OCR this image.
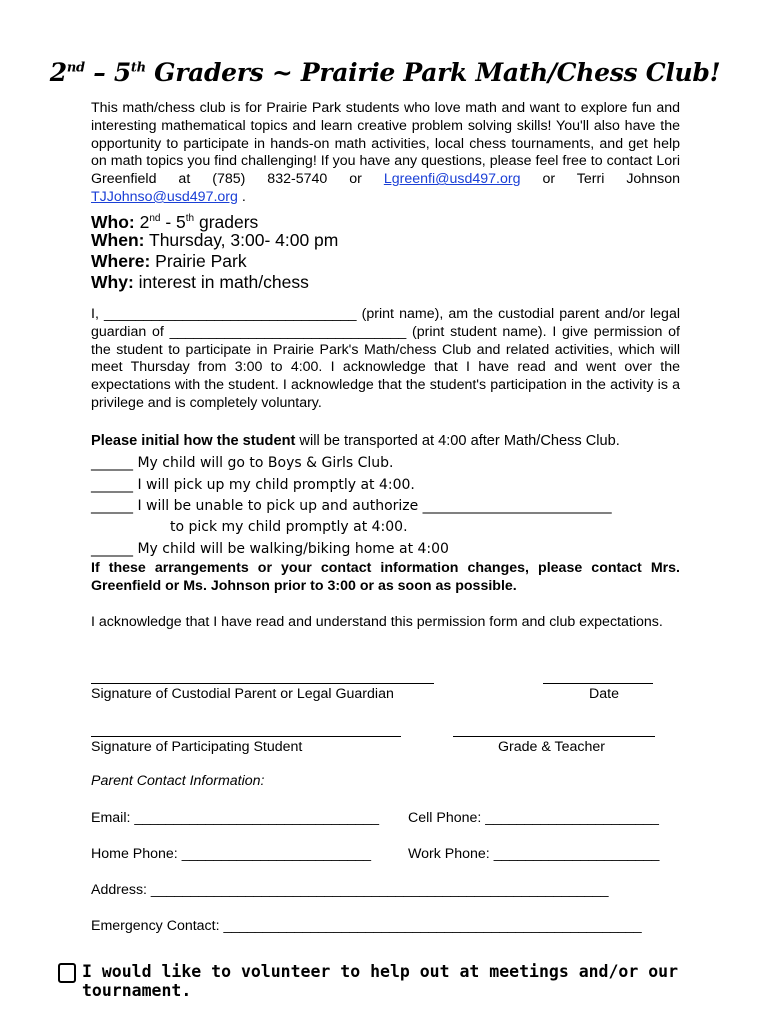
2nd – 5th Graders ~ Prairie Park Math/Chess Club!
This math/chess club is for Prairie Park students who love math and want to explore fun and interesting mathematical topics and learn creative problem solving skills! You'll also have the opportunity to participate in hands-on math activities, local chess tournaments, and get help on math topics you find challenging! If you have any questions, please feel free to contact Lori Greenfield at (785) 832-5740 or Lgreenfi@usd497.org or Terri Johnson TJJohnso@usd497.org .
Who: 2nd - 5th graders
When: Thursday, 3:00- 4:00 pm
Where: Prairie Park
Why: interest in math/chess
I, ________________________________ (print name), am the custodial parent and/or legal guardian of ______________________________ (print student name). I give permission of the student to participate in Prairie Park's Math/chess Club and related activities, which will meet Thursday from 3:00 to 4:00. I acknowledge that I have read and went over the expectations with the student. I acknowledge that the student's participation in the activity is a privilege and is completely voluntary.
Please initial how the student will be transported at 4:00 after Math/Chess Club.
______ My child will go to Boys & Girls Club.
______ I will pick up my child promptly at 4:00.
______ I will be unable to pick up and authorize ___________________________
to pick my child promptly at 4:00.
______ My child will be walking/biking home at 4:00
If these arrangements or your contact information changes, please contact Mrs. Greenfield or Ms. Johnson prior to 3:00 or as soon as possible.
I acknowledge that I have read and understand this permission form and club expectations.
Signature of Custodial Parent or Legal Guardian	Date
Signature of Participating Student	Grade & Teacher
Parent Contact Information:
Email: _______________________________ Cell Phone: ______________________
Home Phone: ________________________	Work Phone: _____________________
Address: __________________________________________________________
Emergency Contact: _____________________________________________________
I would like to volunteer to help out at meetings and/or our tournament.
